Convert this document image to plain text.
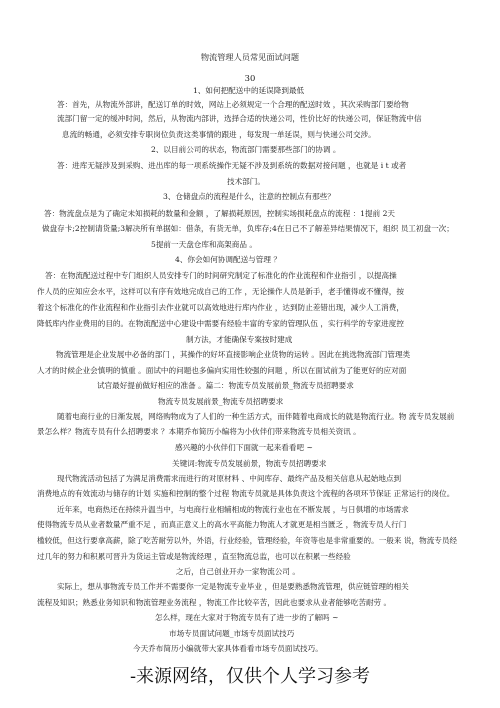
物流管理人员常见面试问题
30
1、如何把配送中的延误降到最低
答：首先，从物流外部讲，配送订单的时效，网站上必须规定一个合理的配送时效 ，其次采购部门要给物
流部门留一定的缓冲时间，然后，从物流内部讲，选择合适的快递公司，性价比好的快递公司，保证物流中信
息流的畅通，必须安排专职岗位负责这类事情的跟进 ，每发现一单延误，则与快递公司交涉。
2、以目前公司的状态，物流部门需要那些部门的协调 。
答：进库无疑涉及到采购、进出库的每一项系统操作无疑不涉及到系统的数据对接问题 ，也就是 i t 或者
技术部门。
3、仓储盘点的流程是什么，注意的控制点有那些？
答：物流盘点是为了确定未知损耗的数量和金额 ，了解损耗原因，控制实场损耗盘点的流程 ：1提前 2天
做盘存卡;2控制请货量;3解决所有单据如：借条，有货无单，负库存;4在日己不了解差异结果情况下，组织 员工初盘一次；
5提前一天盘仓库和高架商品 。
4、你会如何协调配送与管理 ？
答：在物流配送过程中专门组织人员安排专门的时间研究制定了标准化的作业流程和作业指引 ，以提高操
作人员的应知应会水平，这样可以有序有效地完成自己的工作 ，无论操作人员是新手，老手懂得或不懂得，按
着这个标准化的作业流程和作业指引去作业就可以高效地进行库内作业 ，达到防止差错出现，减少人工消费，
降低库内作业费用的目的。在物流配送中心建设中需要有经验丰富的专家的管理队伍 ，实行科学的专家进度控
制方法，才能确保专案按时建成
物流管理是企业发展中必备的部门 ，其操作的好坏直接影响企业货物的运转 。因此在挑选物流部门管理类
人才的时候企业会慎明的慎重 。面试中的问题也多偏向实用性较强的问题 ，所以在面试前为了能更好的应对面
试官最好提前做好相应的准备 。篇二：物流专员发展前景_物流专员招聘要求
物流专员发展前景_物流专员招聘要求
随着电商行业的日渐发展，网络购物成为了人们的一种生活方式，而伴随着电商成长的就是物流行业。物 流专员发展前
景怎么样？物流专员有什么招聘要求 ？本期乔布简历小编将为小伙伴们带来物流专员相关资讯 。
感兴趣的小伙伴们下面就一起来看看吧 ~
关键词:物流专员发展前景，物流专员招聘要求
现代物流活动包括了为满足消费需求而进行的对原材料 、中间库存、最终产品及相关信息从起始地点到
消费地点的有效流动与储存的计划 实施和控制的整个过程 物流专员就是具体负责这个流程的各项环节保证 正常运行的岗位。
近年来，电商热还在持续升温当中，与电商行业相辅相成的物流行业也在不断发展 ，与日俱增的市场需求
使得物流专员从业者数量严重不足 ，而真正意义上的高水平高能力物流人才就更是相当匮乏 ，物流专员人行门
槛较低，但这行要拿高薪，除了吃苦耐劳以外，外语，行业经验，管理经验，年资等也是非常重要的。一般来 说，物流专员经
过几年的努力和积累可晋升为货运主管或是物流经理 ，直至物流总监，也可以在积累一些经验
之后，自己创业开办一家物流公司 。
实际上，想从事物流专员工作并不需要你一定是物流专业毕业 ，但是要熟悉物流管理，供应链管理的相关
流程及知识；熟悉业务知识和物流管理业务流程 ，物流工作比较辛苦，因此也要求从业者能够吃苦耐劳 。
怎么样，现在大家对于物流专员有了进一步的了解吗 ~
市场专员面试问题_市场专员面试技巧
今天乔布简历小编就带大家具体看看市场专员面试技巧。
-来源网络，仅供个人学习参考
